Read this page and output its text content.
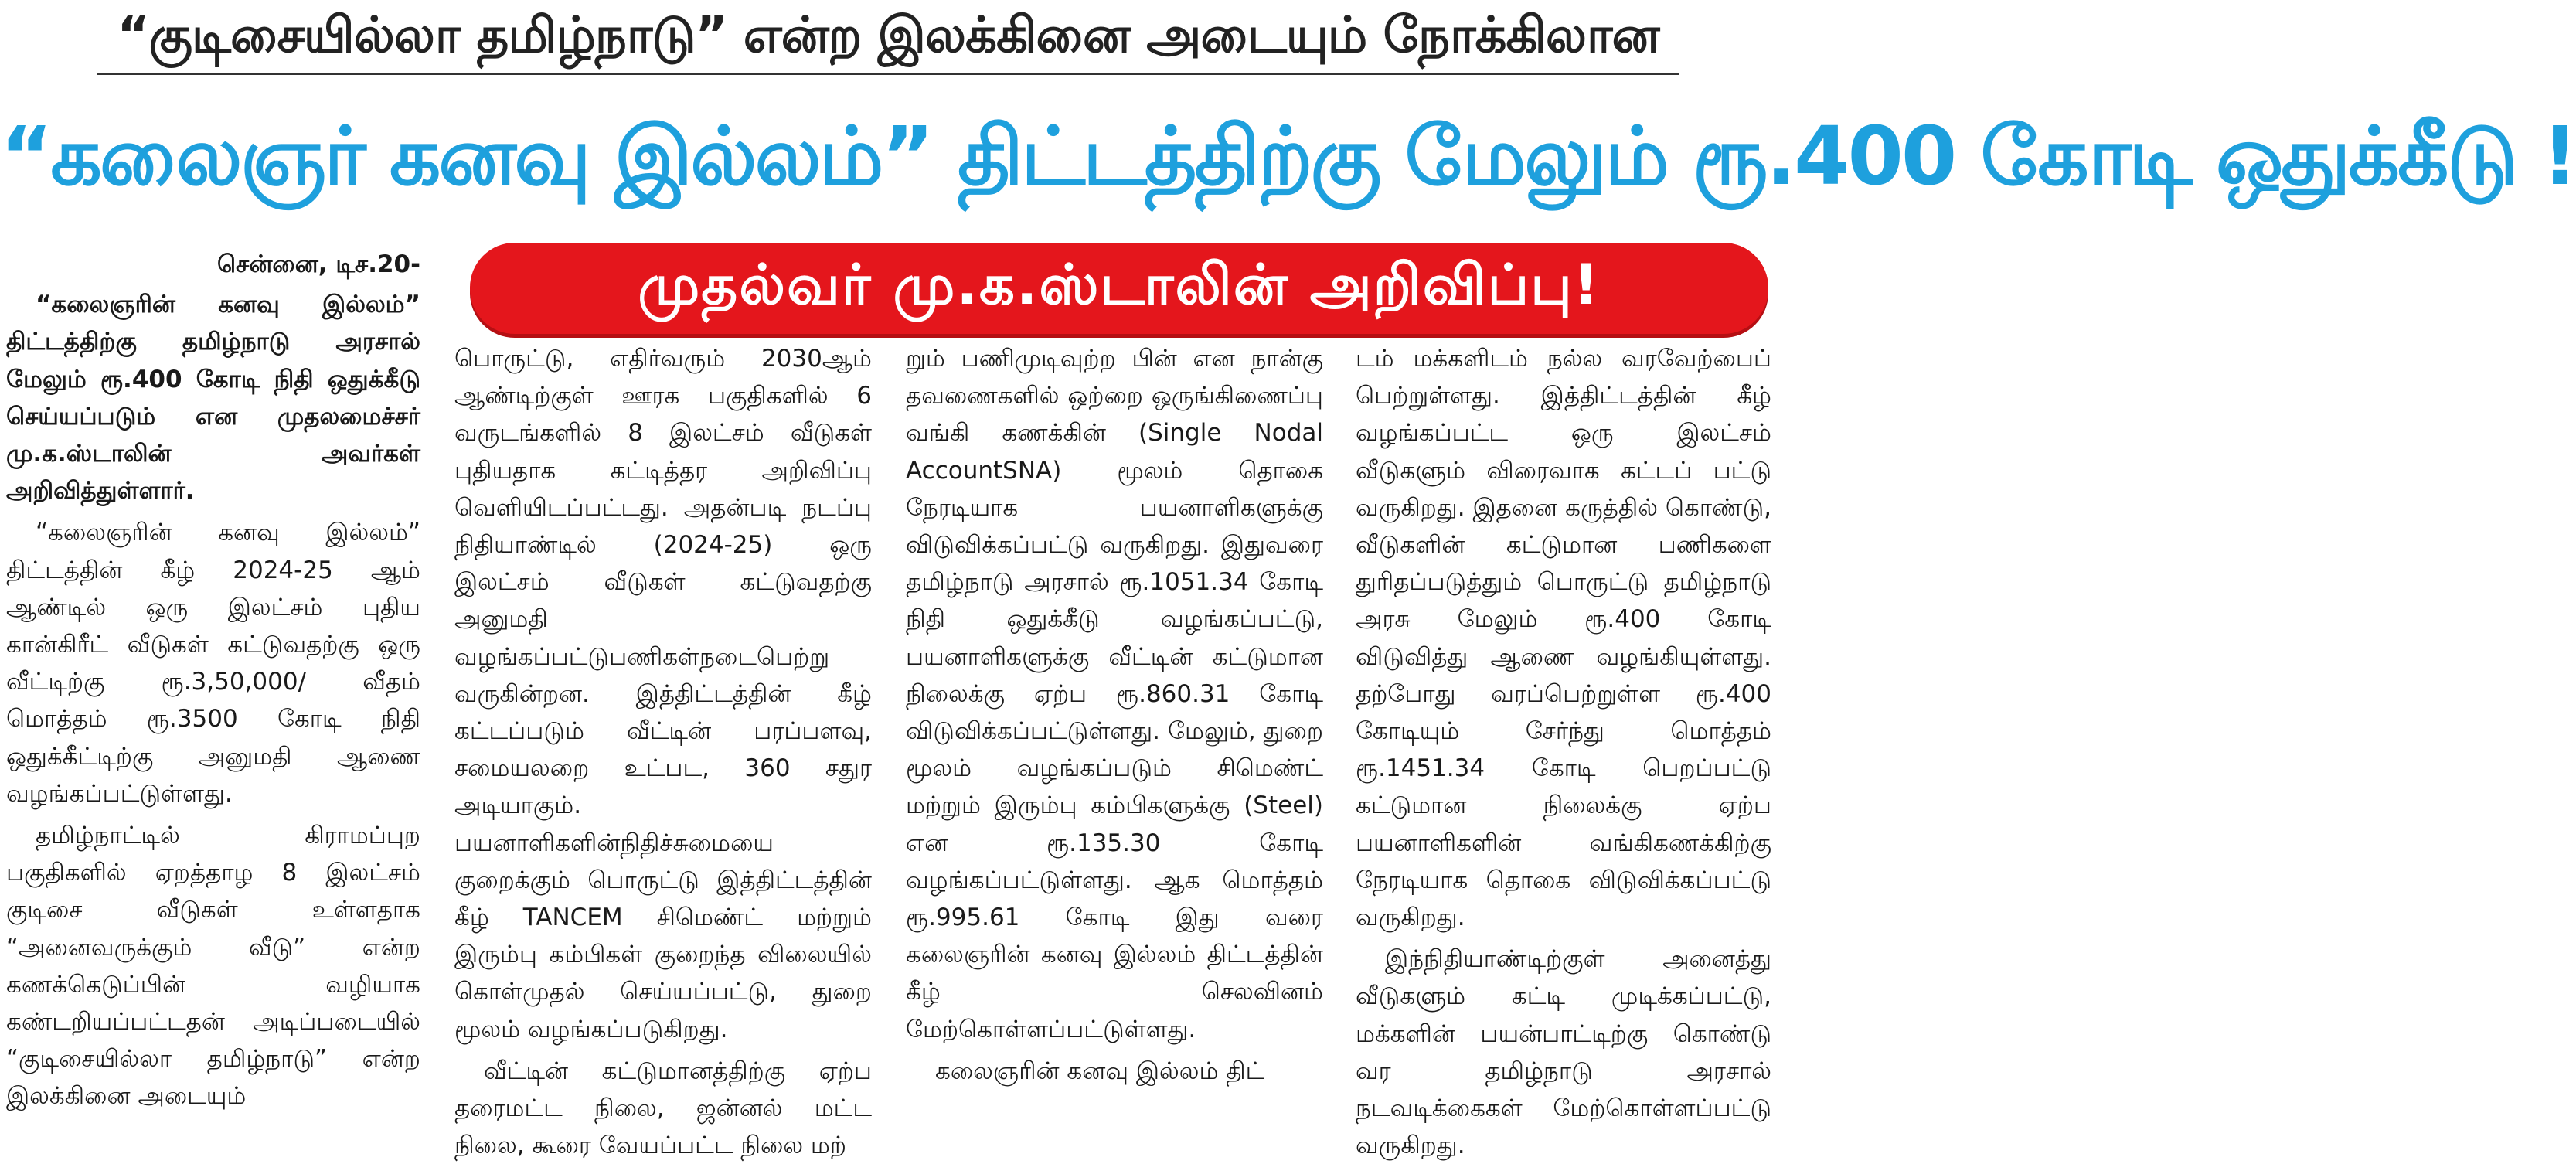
“குடிசையில்லா தமிழ்நாடு” என்ற இலக்கினை அடையும் நோக்கிலான
“கலைஞர் கனவு இல்லம்” திட்டத்திற்கு மேலும் ரூ.400 கோடி ஒதுக்கீடு !
முதல்வர் மு.க.ஸ்டாலின் அறிவிப்பு!
சென்னை, டிச.20-

“கலைஞரின் கனவு இல்லம்” திட்டத்திற்கு தமிழ்நாடு அரசால் மேலும் ரூ.400 கோடி நிதி ஒதுக்கீடு செய்யப்படும் என முதலமைச்சர் மு.க.ஸ்டாலின் அவர்கள் அறிவித்துள்ளார்.

“கலைஞரின் கனவு இல்லம்” திட்டத்தின் கீழ் 2024-25 ஆம் ஆண்டில் ஒரு இலட்சம் புதிய கான்கிரீட் வீடுகள் கட்டுவதற்கு ஒரு வீட்டிற்கு ரூ.3,50,000/ வீதம் மொத்தம் ரூ.3500 கோடி நிதி ஒதுக்கீட்டிற்கு அனுமதி ஆணை வழங்கப்பட்டுள்ளது.

தமிழ்நாட்டில் கிராமப்புற பகுதிகளில் ஏறத்தாழ 8 இலட்சம் குடிசை வீடுகள் உள்ளதாக “அனைவருக்கும் வீடு” என்ற கணக்கெடுப்பின் வழியாக கண்டறியப்பட்டதன் அடிப்படையில் “குடிசையில்லா தமிழ்நாடு” என்ற இலக்கினை அடையும்

பொருட்டு, எதிர்வரும் 2030ஆம் ஆண்டிற்குள் ஊரக பகுதிகளில் 6 வருடங்களில் 8 இலட்சம் வீடுகள் புதியதாக கட்டித்தர அறிவிப்பு வெளியிடப்பட்டது. அதன்படி நடப்பு நிதியாண்டில் (2024-25) ஒரு இலட்சம் வீடுகள் கட்டுவதற்கு அனுமதி வழங்கப்பட்டுபணிகள்நடைபெற்று வருகின்றன. இத்திட்டத்தின் கீழ் கட்டப்படும் வீட்டின் பரப்பளவு, சமையலறை உட்பட, 360 சதுர அடியாகும். பயனாளிகளின்நிதிச்சுமையை குறைக்கும் பொருட்டு இத்திட்டத்தின் கீழ் TANCEM சிமெண்ட் மற்றும் இரும்பு கம்பிகள் குறைந்த விலையில் கொள்முதல் செய்யப்பட்டு, துறை மூலம் வழங்கப்படுகிறது.

வீட்டின் கட்டுமானத்திற்கு ஏற்ப தரைமட்ட நிலை, ஜன்னல் மட்ட நிலை, கூரை வேயப்பட்ட நிலை மற்

றும் பணிமுடிவுற்ற பின் என நான்கு தவணைகளில் ஒற்றை ஒருங்கிணைப்பு வங்கி கணக்கின் (Single Nodal AccountSNA) மூலம் தொகை நேரடியாக பயனாளிகளுக்கு விடுவிக்கப்பட்டு வருகிறது. இதுவரை தமிழ்நாடு அரசால் ரூ.1051.34 கோடி நிதி ஒதுக்கீடு வழங்கப்பட்டு, பயனாளிகளுக்கு வீட்டின் கட்டுமான நிலைக்கு ஏற்ப ரூ.860.31 கோடி விடுவிக்கப்பட்டுள்ளது. மேலும், துறை மூலம் வழங்கப்படும் சிமெண்ட் மற்றும் இரும்பு கம்பிகளுக்கு (Steel) என ரூ.135.30 கோடி வழங்கப்பட்டுள்ளது. ஆக மொத்தம் ரூ.995.61 கோடி இது வரை கலைஞரின் கனவு இல்லம் திட்டத்தின் கீழ் செலவினம் மேற்கொள்ளப்பட்டுள்ளது.

கலைஞரின் கனவு இல்லம் திட்

டம் மக்களிடம் நல்ல வரவேற்பைப் பெற்றுள்ளது. இத்திட்டத்தின் கீழ் வழங்கப்பட்ட ஒரு இலட்சம் வீடுகளும் விரைவாக கட்டப் பட்டு வருகிறது. இதனை கருத்தில் கொண்டு, வீடுகளின் கட்டுமான பணிகளை துரிதப்படுத்தும் பொருட்டு தமிழ்நாடு அரசு மேலும் ரூ.400 கோடி விடுவித்து ஆணை வழங்கியுள்ளது. தற்போது வரப்பெற்றுள்ள ரூ.400 கோடியும் சேர்ந்து மொத்தம் ரூ.1451.34 கோடி பெறப்பட்டு கட்டுமான நிலைக்கு ஏற்ப பயனாளிகளின் வங்கிகணக்கிற்கு நேரடியாக தொகை விடுவிக்கப்பட்டு வருகிறது.

இந்நிதியாண்டிற்குள் அனைத்து வீடுகளும் கட்டி முடிக்கப்பட்டு, மக்களின் பயன்பாட்டிற்கு கொண்டு வர தமிழ்நாடு அரசால் நடவடிக்கைகள் மேற்கொள்ளப்பட்டு வருகிறது.
